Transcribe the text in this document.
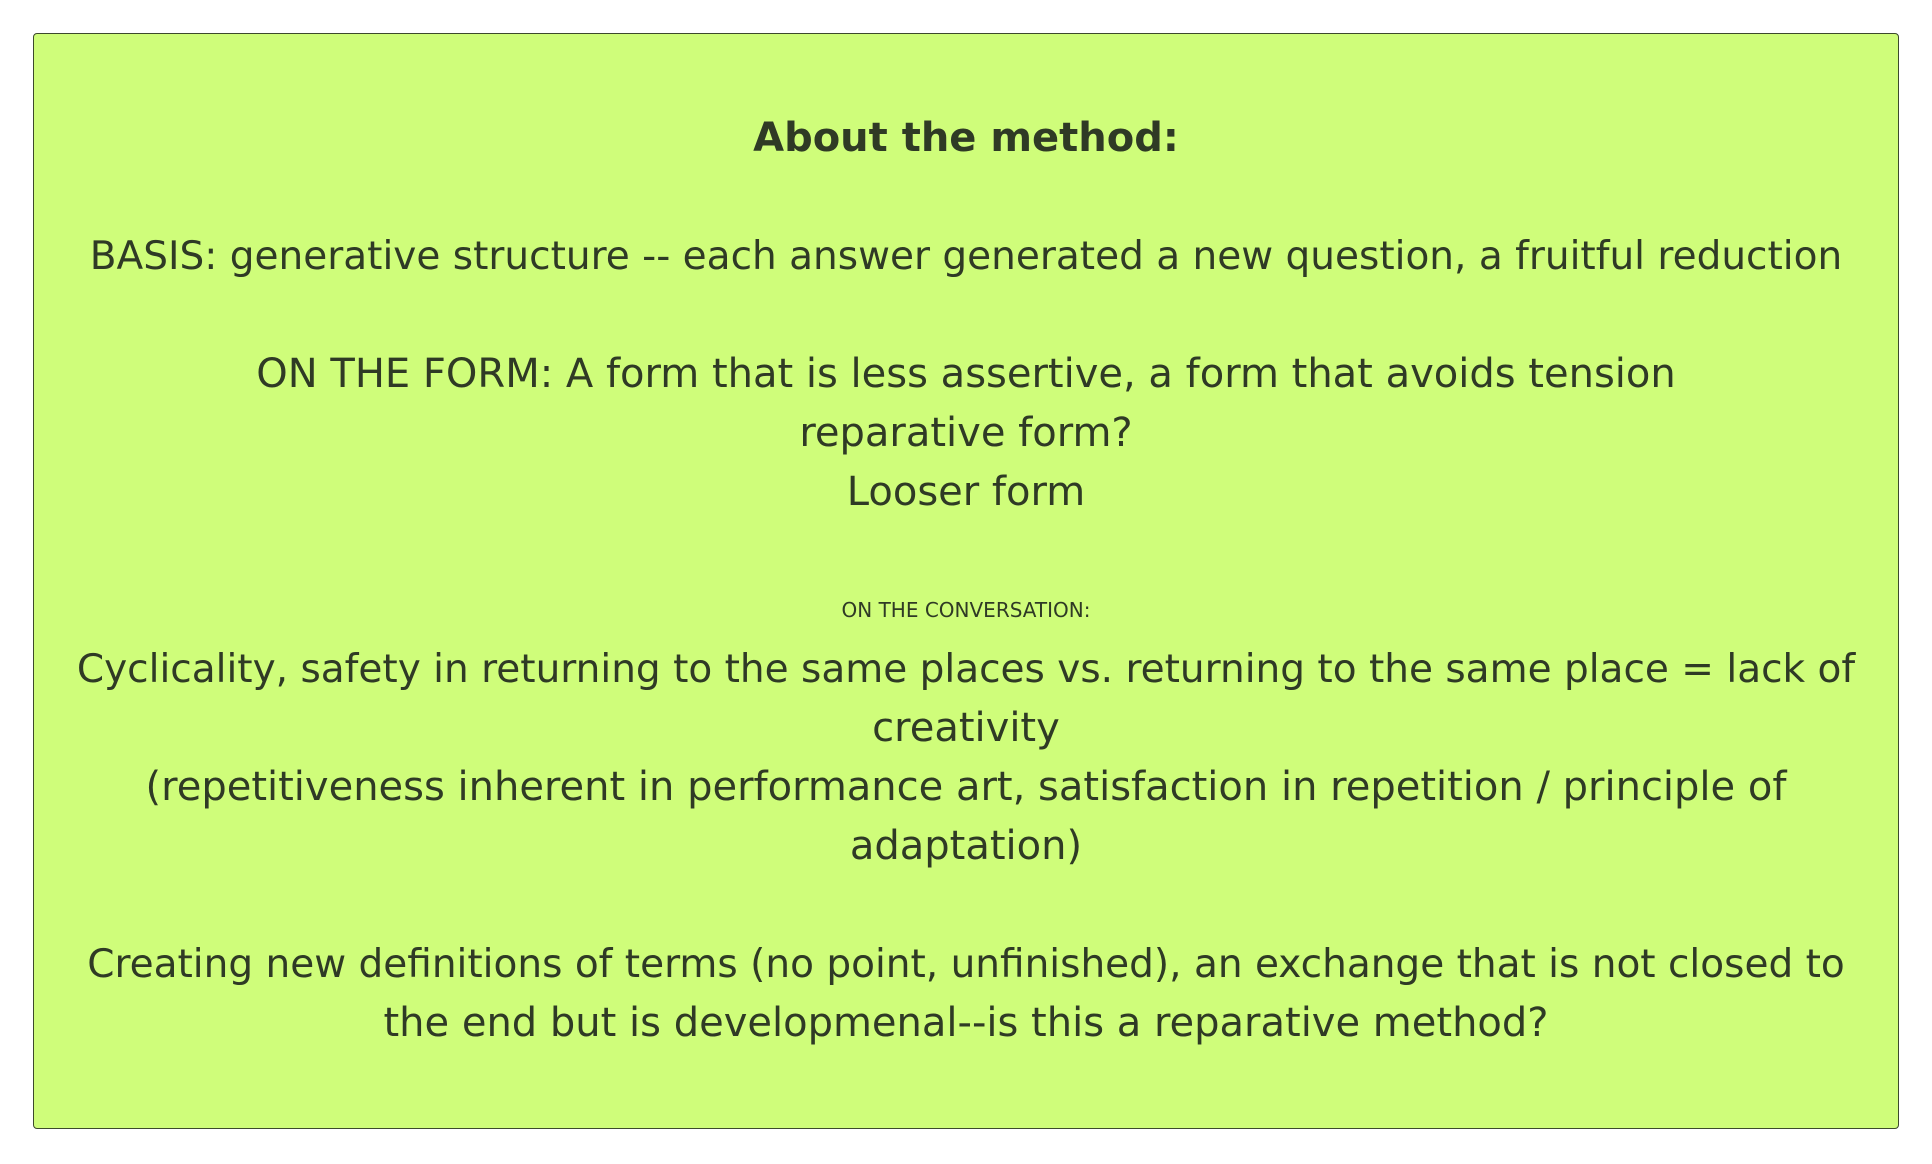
About the method:
BASIS: generative structure -- each answer generated a new question, a fruitful reduction
ON THE FORM: A form that is less assertive, a form that avoids tension
reparative form?
Looser form
ON THE CONVERSATION:
Cyclicality, safety in returning to the same places vs. returning to the same place = lack of
creativity
(repetitiveness inherent in performance art, satisfaction in repetition / principle of
adaptation)
Creating new definitions of terms (no point, unfinished), an exchange that is not closed to
the end but is developmenal--is this a reparative method?
